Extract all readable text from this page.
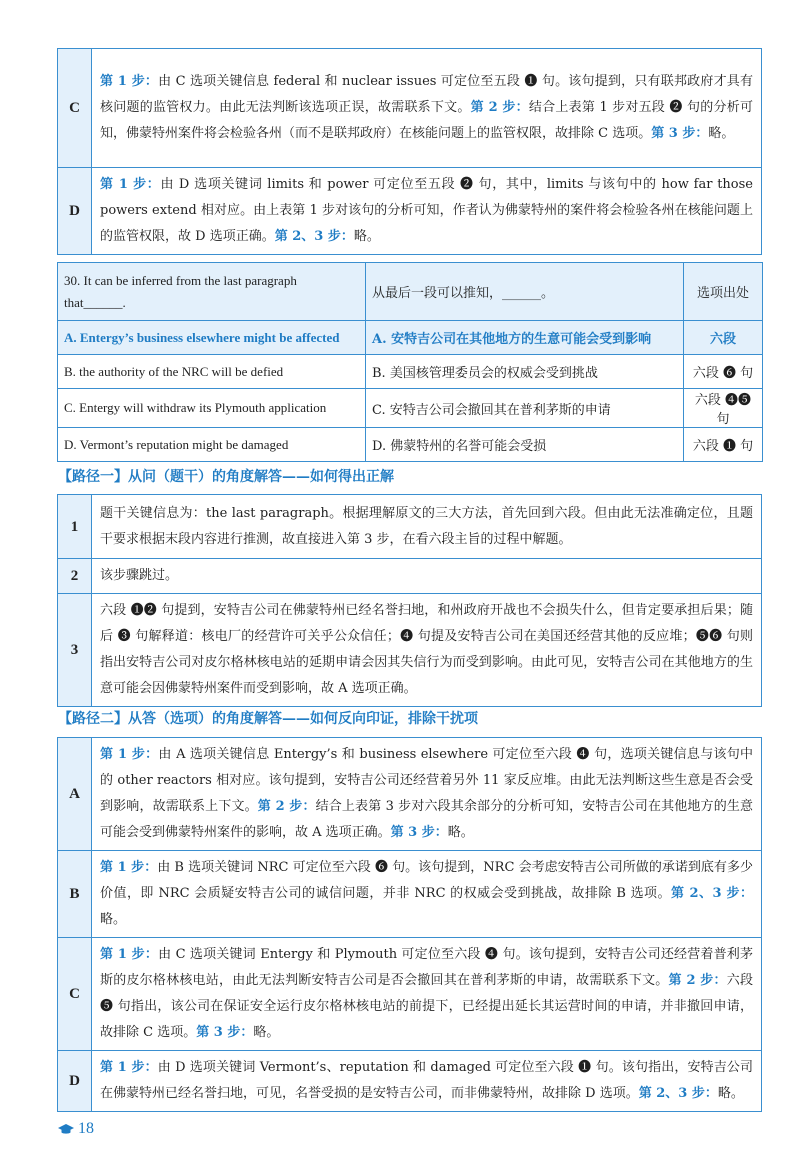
C	第 1 步：由 C 选项关键信息 federal 和 nuclear issues 可定位至五段 ❶ 句。该句提到，只有联邦政府才具有核问题的监管权力。由此无法判断该选项正误，故需联系下文。第 2 步：结合上表第 1 步对五段 ❷ 句的分析可知，佛蒙特州案件将会检验各州（而不是联邦政府）在核能问题上的监管权限，故排除 C 选项。第 3 步：略。
D	第 1 步：由 D 选项关键词 limits 和 power 可定位至五段 ❷ 句，其中，limits 与该句中的 how far those powers extend 相对应。由上表第 1 步对该句的分析可知，作者认为佛蒙特州的案件将会检验各州在核能问题上的监管权限，故 D 选项正确。第 2、3 步：略。
30. It can be inferred from the last paragraph that______.	从最后一段可以推知，______。	选项出处
A. Entergy’s business elsewhere might be affected	A. 安特吉公司在其他地方的生意可能会受到影响	六段
B. the authority of the NRC will be defied	B. 美国核管理委员会的权威会受到挑战	六段 ❻ 句
C. Entergy will withdraw its Plymouth application	C. 安特吉公司会撤回其在普利茅斯的申请	六段 ❹❺ 句
D. Vermont’s reputation might be damaged	D. 佛蒙特州的名誉可能会受损	六段 ❶ 句
【路径一】从问（题干）的角度解答——如何得出正解
1	题干关键信息为：the last paragraph。根据理解原文的三大方法，首先回到六段。但由此无法准确定位，且题干要求根据末段内容进行推测，故直接进入第 3 步，在看六段主旨的过程中解题。
2	该步骤跳过。
3	六段 ❶❷ 句提到，安特吉公司在佛蒙特州已经名誉扫地，和州政府开战也不会损失什么，但肯定要承担后果；随后 ❸ 句解释道：核电厂的经营许可关乎公众信任；❹ 句提及安特吉公司在美国还经营其他的反应堆；❺❻ 句则指出安特吉公司对皮尔格林核电站的延期申请会因其失信行为而受到影响。由此可见，安特吉公司在其他地方的生意可能会因佛蒙特州案件而受到影响，故 A 选项正确。
【路径二】从答（选项）的角度解答——如何反向印证，排除干扰项
A	第 1 步：由 A 选项关键信息 Entergy’s 和 business elsewhere 可定位至六段 ❹ 句，选项关键信息与该句中的 other reactors 相对应。该句提到，安特吉公司还经营着另外 11 家反应堆。由此无法判断这些生意是否会受到影响，故需联系上下文。第 2 步：结合上表第 3 步对六段其余部分的分析可知，安特吉公司在其他地方的生意可能会受到佛蒙特州案件的影响，故 A 选项正确。第 3 步：略。
B	第 1 步：由 B 选项关键词 NRC 可定位至六段 ❻ 句。该句提到，NRC 会考虑安特吉公司所做的承诺到底有多少价值，即 NRC 会质疑安特吉公司的诚信问题，并非 NRC 的权威会受到挑战，故排除 B 选项。第 2、3 步：略。
C	第 1 步：由 C 选项关键词 Entergy 和 Plymouth 可定位至六段 ❹ 句。该句提到，安特吉公司还经营着普利茅斯的皮尔格林核电站，由此无法判断安特吉公司是否会撤回其在普利茅斯的申请，故需联系下文。第 2 步：六段 ❺ 句指出，该公司在保证安全运行皮尔格林核电站的前提下，已经提出延长其运营时间的申请，并非撤回申请，故排除 C 选项。第 3 步：略。
D	第 1 步：由 D 选项关键词 Vermont’s、reputation 和 damaged 可定位至六段 ❶ 句。该句指出，安特吉公司在佛蒙特州已经名誉扫地，可见，名誉受损的是安特吉公司，而非佛蒙特州，故排除 D 选项。第 2、3 步：略。
18
